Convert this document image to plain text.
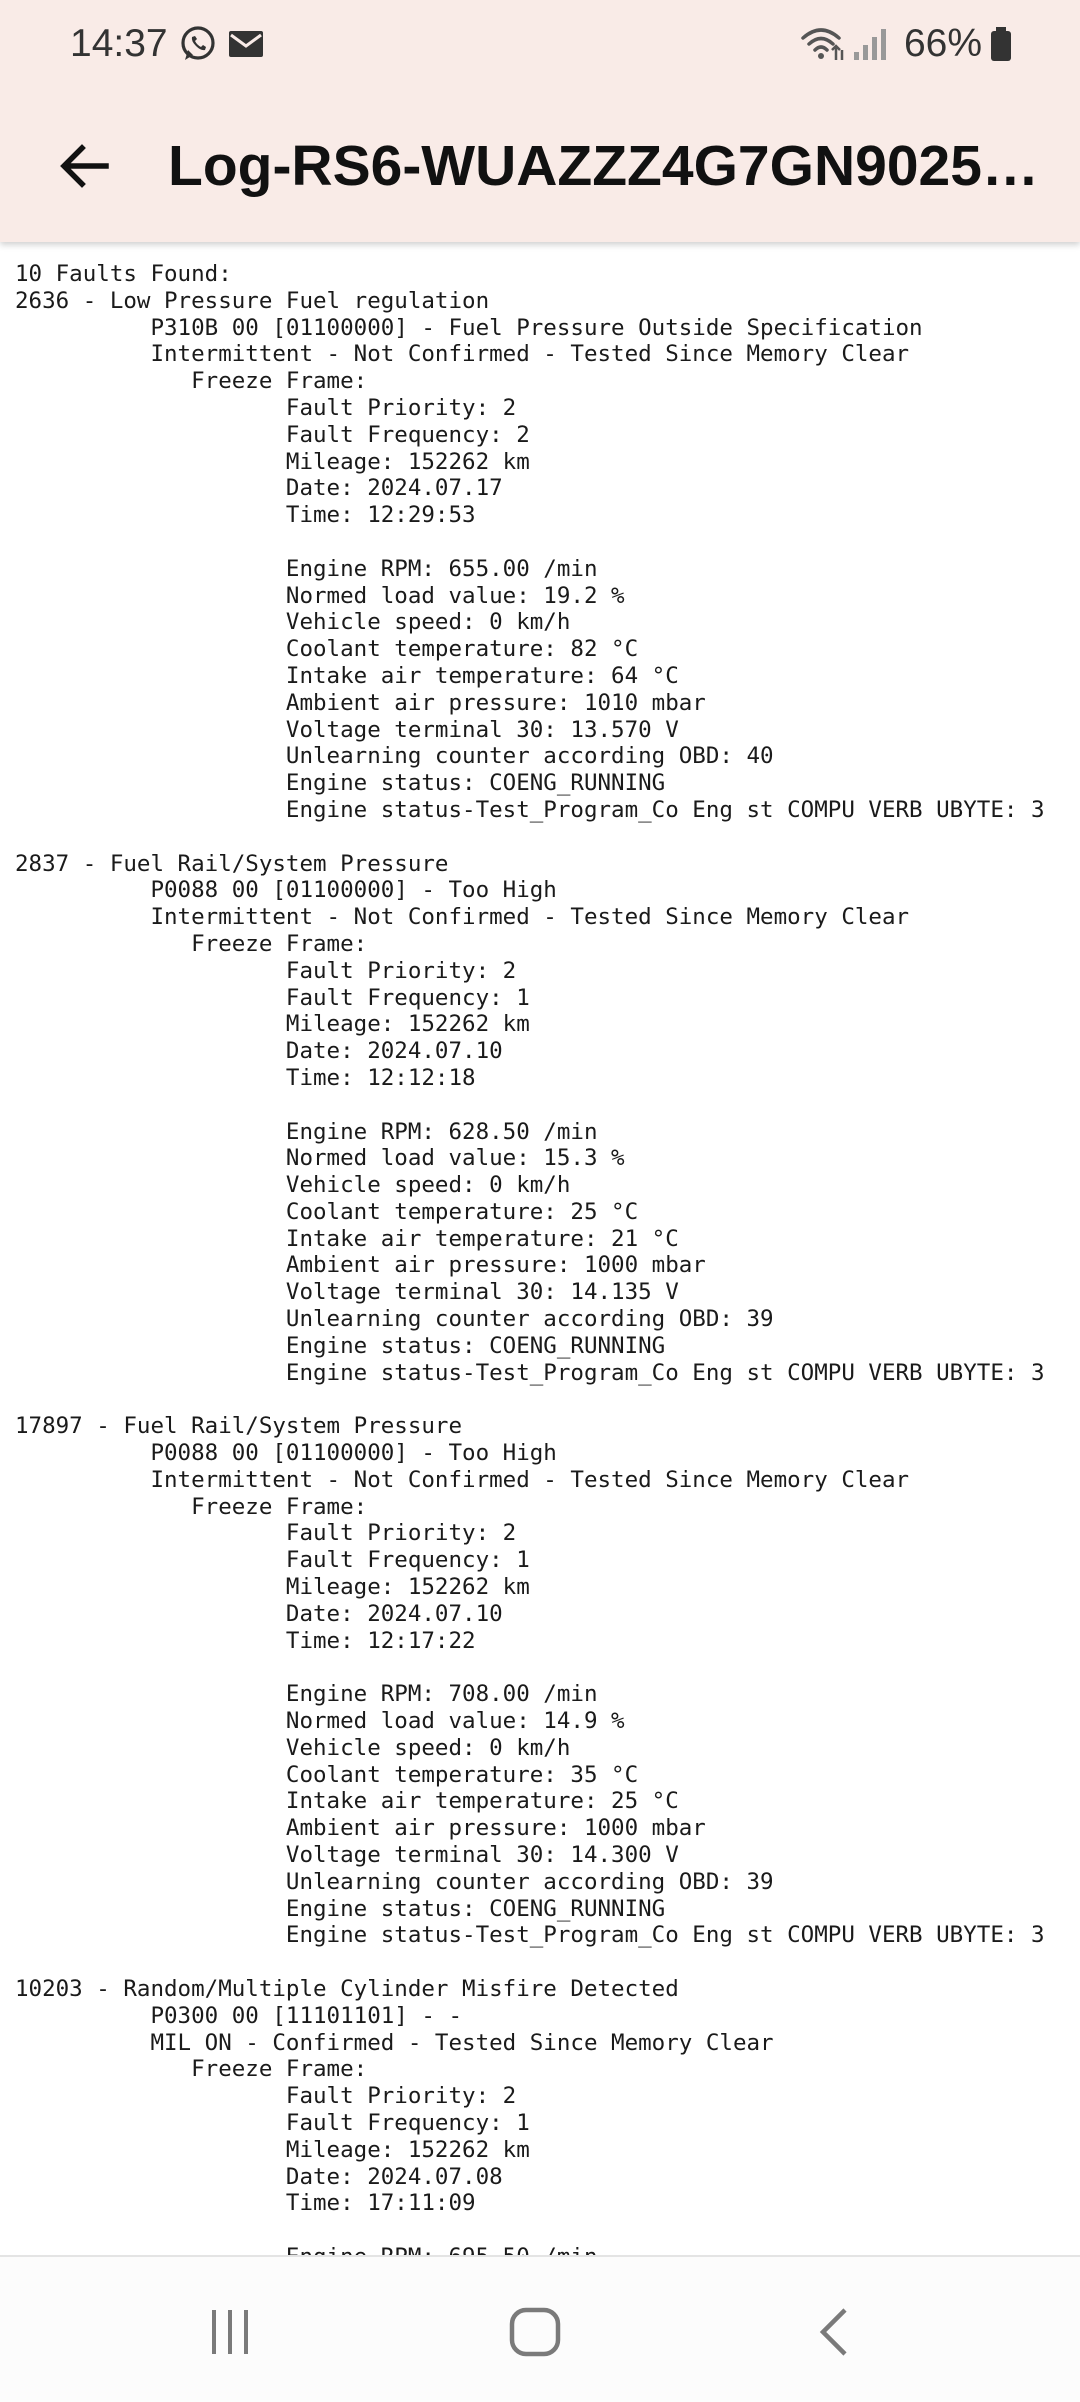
14:37	66%
Log-RS6-WUAZZZ4G7GN9025…
10 Faults Found:
2636 - Low Pressure Fuel regulation
P310B 00 [01100000] - Fuel Pressure Outside Specification
Intermittent - Not Confirmed - Tested Since Memory Clear
Freeze Frame:
Fault Priority: 2
Fault Frequency: 2
Mileage: 152262 km
Date: 2024.07.17
Time: 12:29:53

Engine RPM: 655.00 /min
Normed load value: 19.2 %
Vehicle speed: 0 km/h
Coolant temperature: 82 °C
Intake air temperature: 64 °C
Ambient air pressure: 1010 mbar
Voltage terminal 30: 13.570 V
Unlearning counter according OBD: 40
Engine status: COENG_RUNNING
Engine status-Test_Program_Co Eng st COMPU VERB UBYTE: 3

2837 - Fuel Rail/System Pressure
P0088 00 [01100000] - Too High
Intermittent - Not Confirmed - Tested Since Memory Clear
Freeze Frame:
Fault Priority: 2
Fault Frequency: 1
Mileage: 152262 km
Date: 2024.07.10
Time: 12:12:18

Engine RPM: 628.50 /min
Normed load value: 15.3 %
Vehicle speed: 0 km/h
Coolant temperature: 25 °C
Intake air temperature: 21 °C
Ambient air pressure: 1000 mbar
Voltage terminal 30: 14.135 V
Unlearning counter according OBD: 39
Engine status: COENG_RUNNING
Engine status-Test_Program_Co Eng st COMPU VERB UBYTE: 3

17897 - Fuel Rail/System Pressure
P0088 00 [01100000] - Too High
Intermittent - Not Confirmed - Tested Since Memory Clear
Freeze Frame:
Fault Priority: 2
Fault Frequency: 1
Mileage: 152262 km
Date: 2024.07.10
Time: 12:17:22

Engine RPM: 708.00 /min
Normed load value: 14.9 %
Vehicle speed: 0 km/h
Coolant temperature: 35 °C
Intake air temperature: 25 °C
Ambient air pressure: 1000 mbar
Voltage terminal 30: 14.300 V
Unlearning counter according OBD: 39
Engine status: COENG_RUNNING
Engine status-Test_Program_Co Eng st COMPU VERB UBYTE: 3

10203 - Random/Multiple Cylinder Misfire Detected
P0300 00 [11101101] - -
MIL ON - Confirmed - Tested Since Memory Clear
Freeze Frame:
Fault Priority: 2
Fault Frequency: 1
Mileage: 152262 km
Date: 2024.07.08
Time: 17:11:09
